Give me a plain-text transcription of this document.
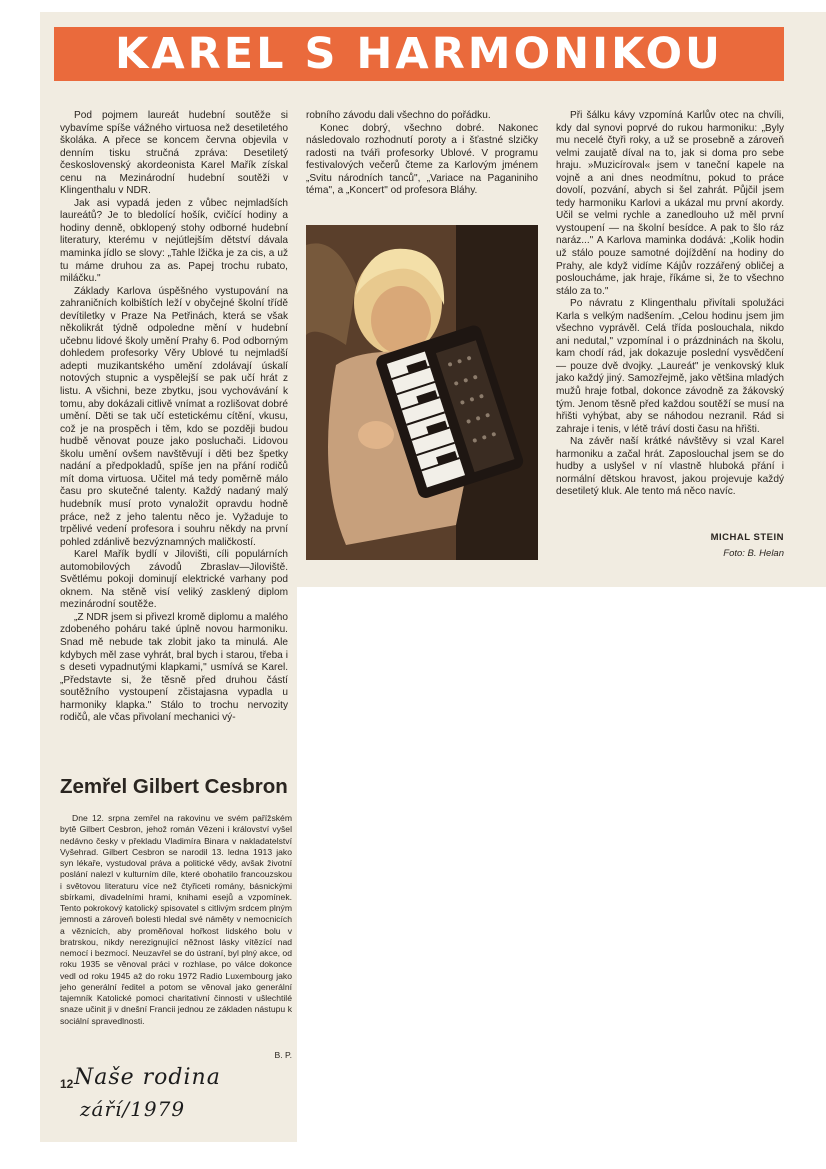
KAREL S HARMONIKOU

Pod pojmem laureát hudební soutěže si vybavíme spíše vážného virtuosa než desetiletého školáka. A přece se koncem června objevila v denním tisku stručná zpráva: Desetiletý československý akordeonista Karel Mařík získal cenu na Mezinárodní hudební soutěži v Klingenthalu v NDR.

Jak asi vypadá jeden z vůbec nejmladších laureátů? Je to bledolící hošík, cvičící hodiny a hodiny denně, obklopený stohy odborné hudební literatury, kterému v nejútlejším dětství dávala maminka jídlo se slovy: „Tahle lžička je za cis, a už tu máme druhou za as. Papej trochu rubato, miláčku."

Základy Karlova úspěšného vystupování na zahraničních kolbištích leží v obyčejné školní třídě devítiletky v Praze Na Petřinách, která se však několikrát týdně odpoledne mění v hudební učebnu lidové školy umění Prahy 6. Pod odborným dohledem profesorky Věry Ublové tu nejmladší adepti muzikantského umění zdolávají úskalí notových stupnic a vyspělejší se pak učí hrát z listu. A všichni, beze zbytku, jsou vychovávání k tomu, aby dokázali citlivě vnímat a rozlišovat dobré umění. Děti se tak učí estetickému cítění, vkusu, což je na prospěch i těm, kdo se později budou hudbě věnovat pouze jako posluchači. Lidovou školu umění ovšem navštěvují i děti bez špetky nadání a předpokladů, spíše jen na přání rodičů mít doma virtuosa. Učitel má tedy poměrně málo času pro skutečné talenty. Každý nadaný malý hudebník musí proto vynaložit opravdu hodně práce, než z jeho talentu něco je. Vyžaduje to trpělivé vedení profesora i souhru někdy na první pohled zdánlivě bezvýznamných maličkostí.

Karel Mařík bydlí v Jilovišti, cíli populárních automobilových závodů Zbraslav—Jiloviště. Světlému pokoji dominují elektrické varhany pod oknem. Na stěně visí veliký zasklený diplom mezinárodní soutěže.

„Z NDR jsem si přivezl kromě diplomu a malého zdobeného poháru také úplně novou harmoniku. Snad mě nebude tak zlobit jako ta minulá. Ale kdybych měl zase vyhrát, bral bych i starou, třeba i s deseti vypadnutými klapkami," usmívá se Karel. „Představte si, že těsně před druhou částí soutěžního vystoupení zčistajasna vypadla u harmoniky klapka." Stálo to trochu nervozity rodičů, ale včas přivolaní mechanici vý-

robního závodu dali všechno do pořádku.

Konec dobrý, všechno dobré. Nakonec následovalo rozhodnutí poroty a i šťastné slzičky radosti na tváři profesorky Ublové. V programu festivalových večerů čteme za Karlovým jménem „Svitu národních tanců", „Variace na Paganiniho téma", a „Koncert" od profesora Bláhy.

Při šálku kávy vzpomíná Karlův otec na chvíli, kdy dal synovi poprvé do rukou harmoniku: „Byly mu necelé čtyři roky, a už se prosebně a zároveň velmi zaujatě díval na to, jak si doma pro sebe hraju. »Muzicíroval« jsem v taneční kapele na vojně a ani dnes neodmítnu, pokud to práce dovolí, pozvání, abych si šel zahrát. Půjčil jsem tedy harmoniku Karlovi a ukázal mu první akordy. Učil se velmi rychle a zanedlouho už měl první vystoupení — na školní besídce. A pak to šlo ráz naráz..." A Karlova maminka dodává: „Kolik hodin už stálo pouze samotné dojíždění na hodiny do Prahy, ale když vidíme Kájův rozzářený obličej a posloucháme, jak hraje, říkáme si, že to všechno stálo za to."

Po návratu z Klingenthalu přivítali spolužáci Karla s velkým nadšením. „Celou hodinu jsem jim všechno vyprávěl. Celá třída poslouchala, nikdo ani nedutal," vzpomínal i o prázdninách na školu, kam chodí rád, jak dokazuje poslední vysvědčení — pouze dvě dvojky. „Laureát" je venkovský kluk jako každý jiný. Samozřejmě, jako většina mladých mužů hraje fotbal, dokonce závodně za žákovský tým. Jenom těsně před každou soutěží se musí na hřišti vyhýbat, aby se náhodou nezranil. Rád si zahraje i tenis, v létě tráví dosti času na hřišti.

Na závěr naší krátké návštěvy si vzal Karel harmoniku a začal hrát. Zaposlouchal jsem se do hudby a uslyšel v ní vlastně hluboká přání i normální dětskou hravost, jakou projevuje každý desetiletý kluk. Ale tento má něco navíc.

MICHAL STEIN
Foto: B. Helan
Zemřel Gilbert Cesbron

Dne 12. srpna zemřel na rakovinu ve svém pařížském bytě Gilbert Cesbron, jehož román Vězeni i království vyšel nedávno česky v překladu Vladimíra Binara v nakladatelství Vyšehrad. Gilbert Cesbron se narodil 13. ledna 1913 jako syn lékaře, vystudoval práva a politické vědy, avšak životní poslání nalezl v kulturním díle, které obohatilo francouzskou i světovou literaturu více než čtyřiceti romány, básnickými sbírkami, divadelními hrami, knihami esejů a vzpomínek. Tento pokrokový katolický spisovatel s citlivým srdcem plným jemnosti a zároveň bolesti hledal své náměty v nemocnicích a věznicích, aby proměňoval hořkost lidského bolu v bratrskou, nikdy nerezignující něžnost lásky vítězící nad nemocí i bezmocí. Neuzavřel se do ústraní, byl plný akce, od roku 1935 se věnoval práci v rozhlase, po válce dokonce vedl od roku 1945 až do roku 1972 Radio Luxembourg jako jeho generální ředitel a potom se věnoval jako generální tajemník Katolické pomoci charitativní činnosti v ušlechtilé snaze učinit ji v dnešní Francii jednou ze základen nástupu k sociální spravedlnosti.

B. P.
12 Naše rodina
září/1979
